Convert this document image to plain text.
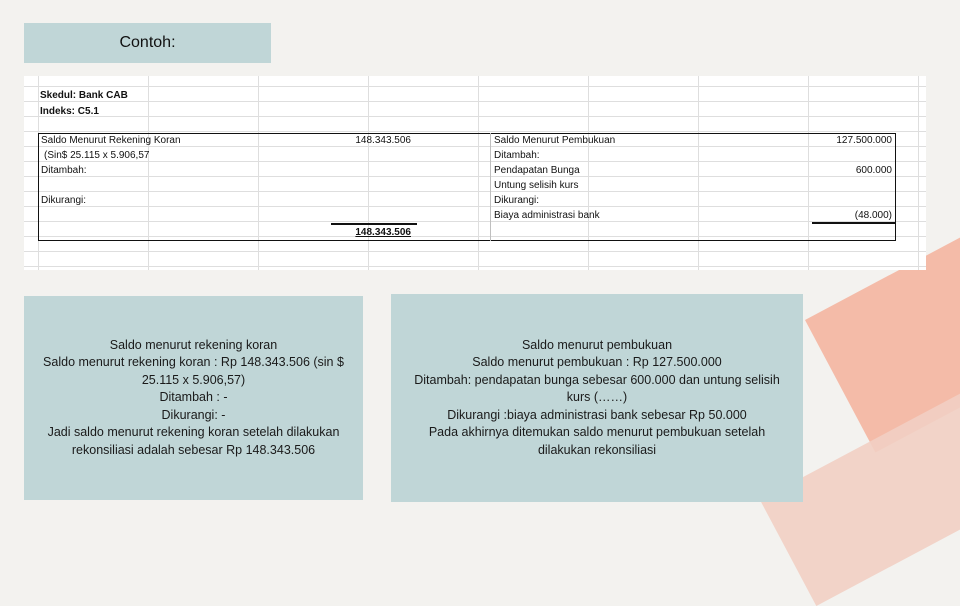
Contoh:
Skedul: Bank CAB
Indeks: C5.1
Saldo Menurut Rekening Koran
(Sin$ 25.115 x 5.906,57
Ditambah:
Dikurangi:
148.343.506
148.343.506
Saldo Menurut Pembukuan
Ditambah:
Pendapatan Bunga
Untung selisih kurs
Dikurangi:
Biaya administrasi bank
127.500.000
600.000
(48.000)
Saldo menurut rekening koran
Saldo menurut rekening koran : Rp 148.343.506 (sin $
25.115 x 5.906,57)
Ditambah : -
Dikurangi: -
Jadi saldo menurut rekening koran setelah dilakukan
rekonsiliasi adalah sebesar Rp 148.343.506
Saldo menurut pembukuan
Saldo menurut pembukuan : Rp 127.500.000
Ditambah: pendapatan bunga sebesar 600.000 dan untung selisih
kurs (……)
Dikurangi :biaya administrasi bank sebesar Rp 50.000
Pada akhirnya ditemukan saldo menurut pembukuan setelah
dilakukan rekonsiliasi
